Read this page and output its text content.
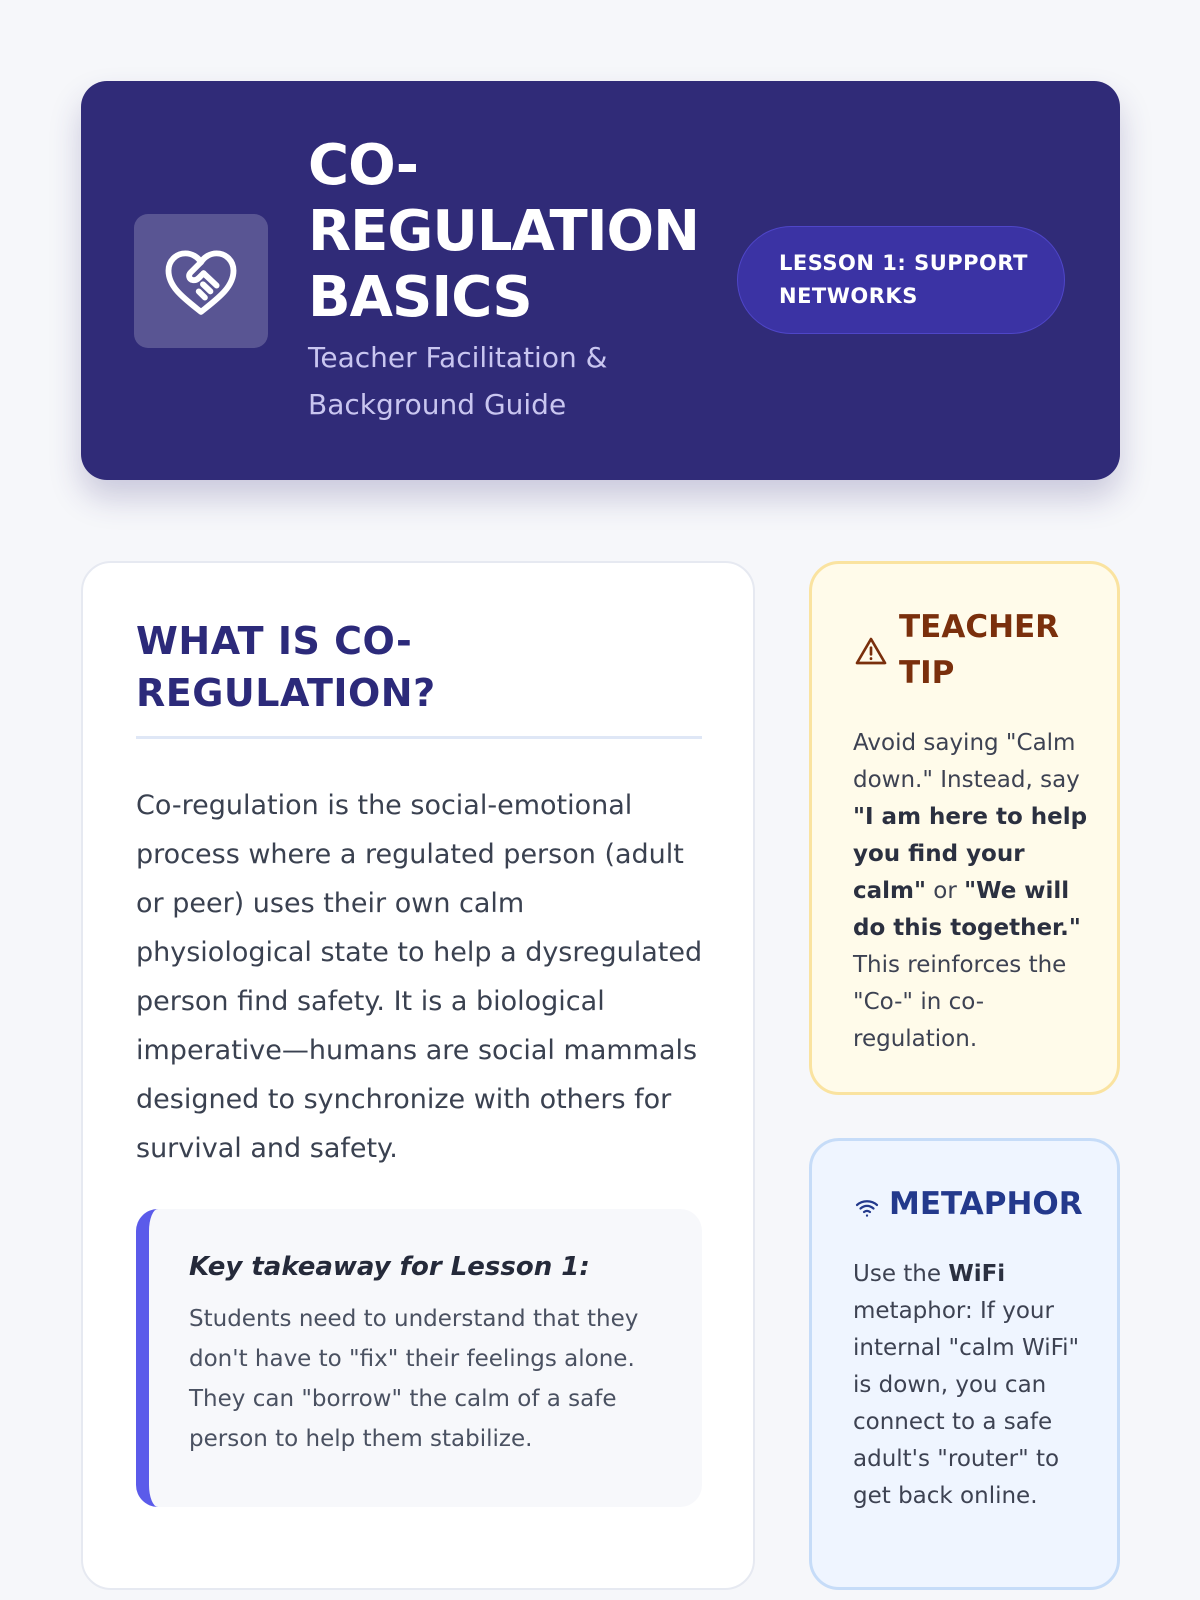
CO-REGULATION BASICS

Teacher Facilitation & Background Guide

LESSON 1: SUPPORT NETWORKS
WHAT IS CO-REGULATION?

Co-regulation is the social-emotional process where a regulated person (adult or peer) uses their own calm physiological state to help a dysregulated person find safety. It is a biological imperative—humans are social mammals designed to synchronize with others for survival and safety.

Key takeaway for Lesson 1:

Students need to understand that they don't have to "fix" their feelings alone. They can "borrow" the calm of a safe person to help them stabilize.

TEACHER TIP

Avoid saying "Calm down." Instead, say "I am here to help you find your calm" or "We will do this together." This reinforces the "Co-" in co-regulation.

METAPHOR

Use the WiFi metaphor: If your internal "calm WiFi" is down, you can connect to a safe adult's "router" to get back online.
